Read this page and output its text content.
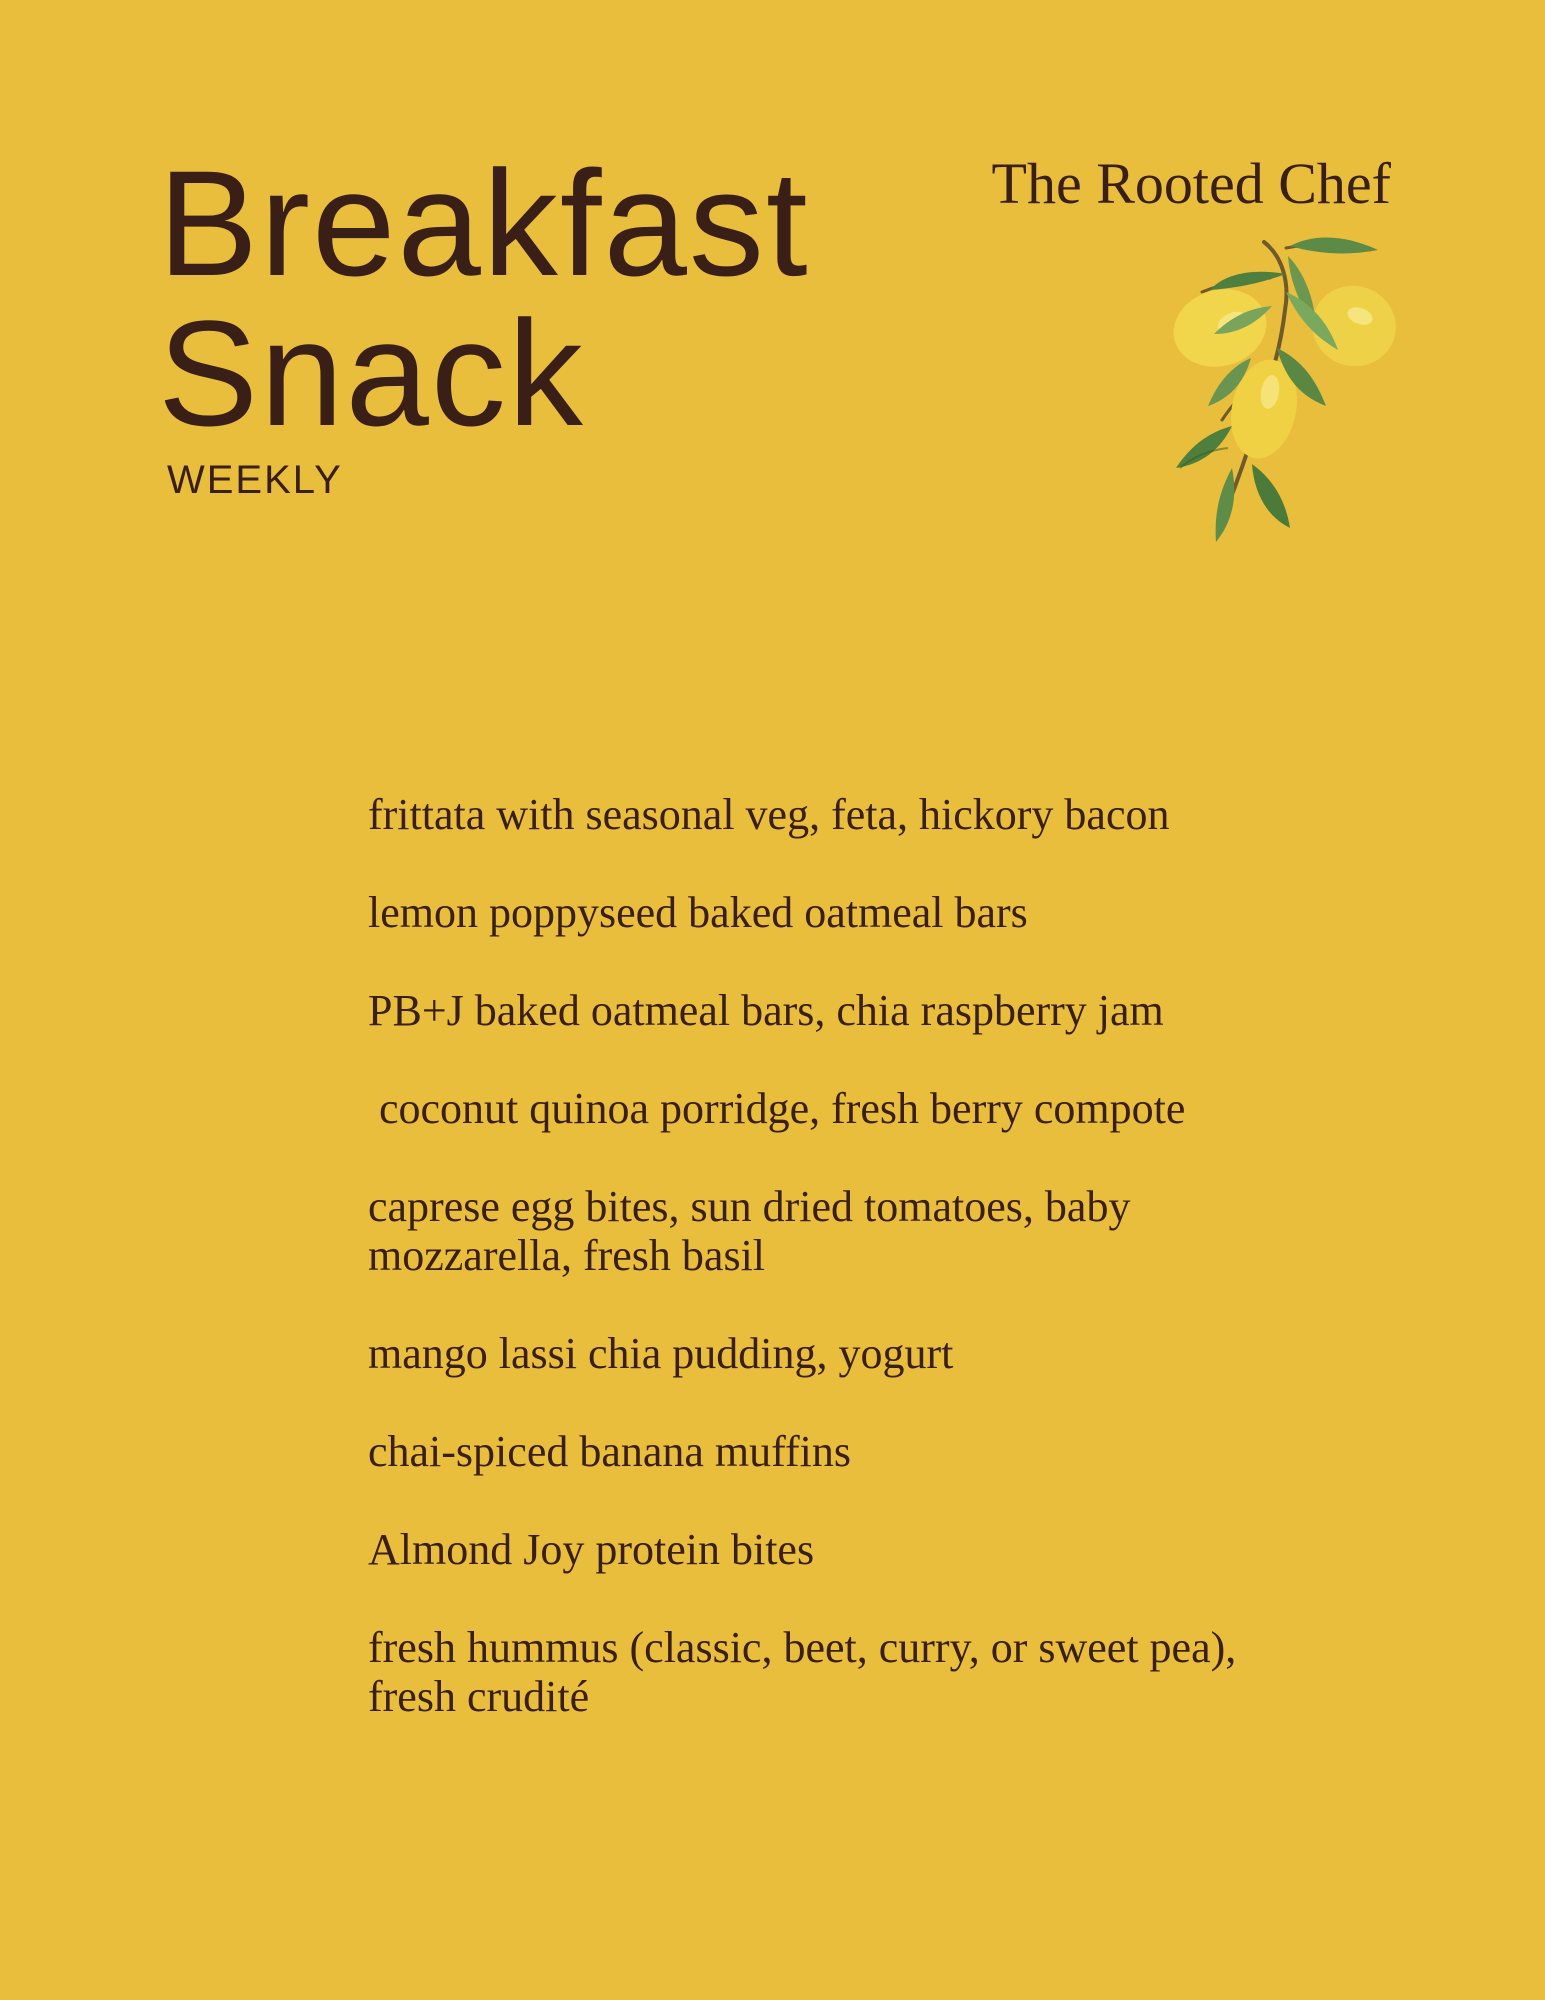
Breakfast
Snack
WEEKLY
The Rooted Chef
frittata with seasonal veg, feta, hickory bacon
lemon poppyseed baked oatmeal bars
PB+J baked oatmeal bars, chia raspberry jam
coconut quinoa porridge, fresh berry compote
caprese egg bites, sun dried tomatoes, baby
mozzarella, fresh basil
mango lassi chia pudding, yogurt
chai-spiced banana muffins
Almond Joy protein bites
fresh hummus (classic, beet, curry, or sweet pea),
fresh crudité
